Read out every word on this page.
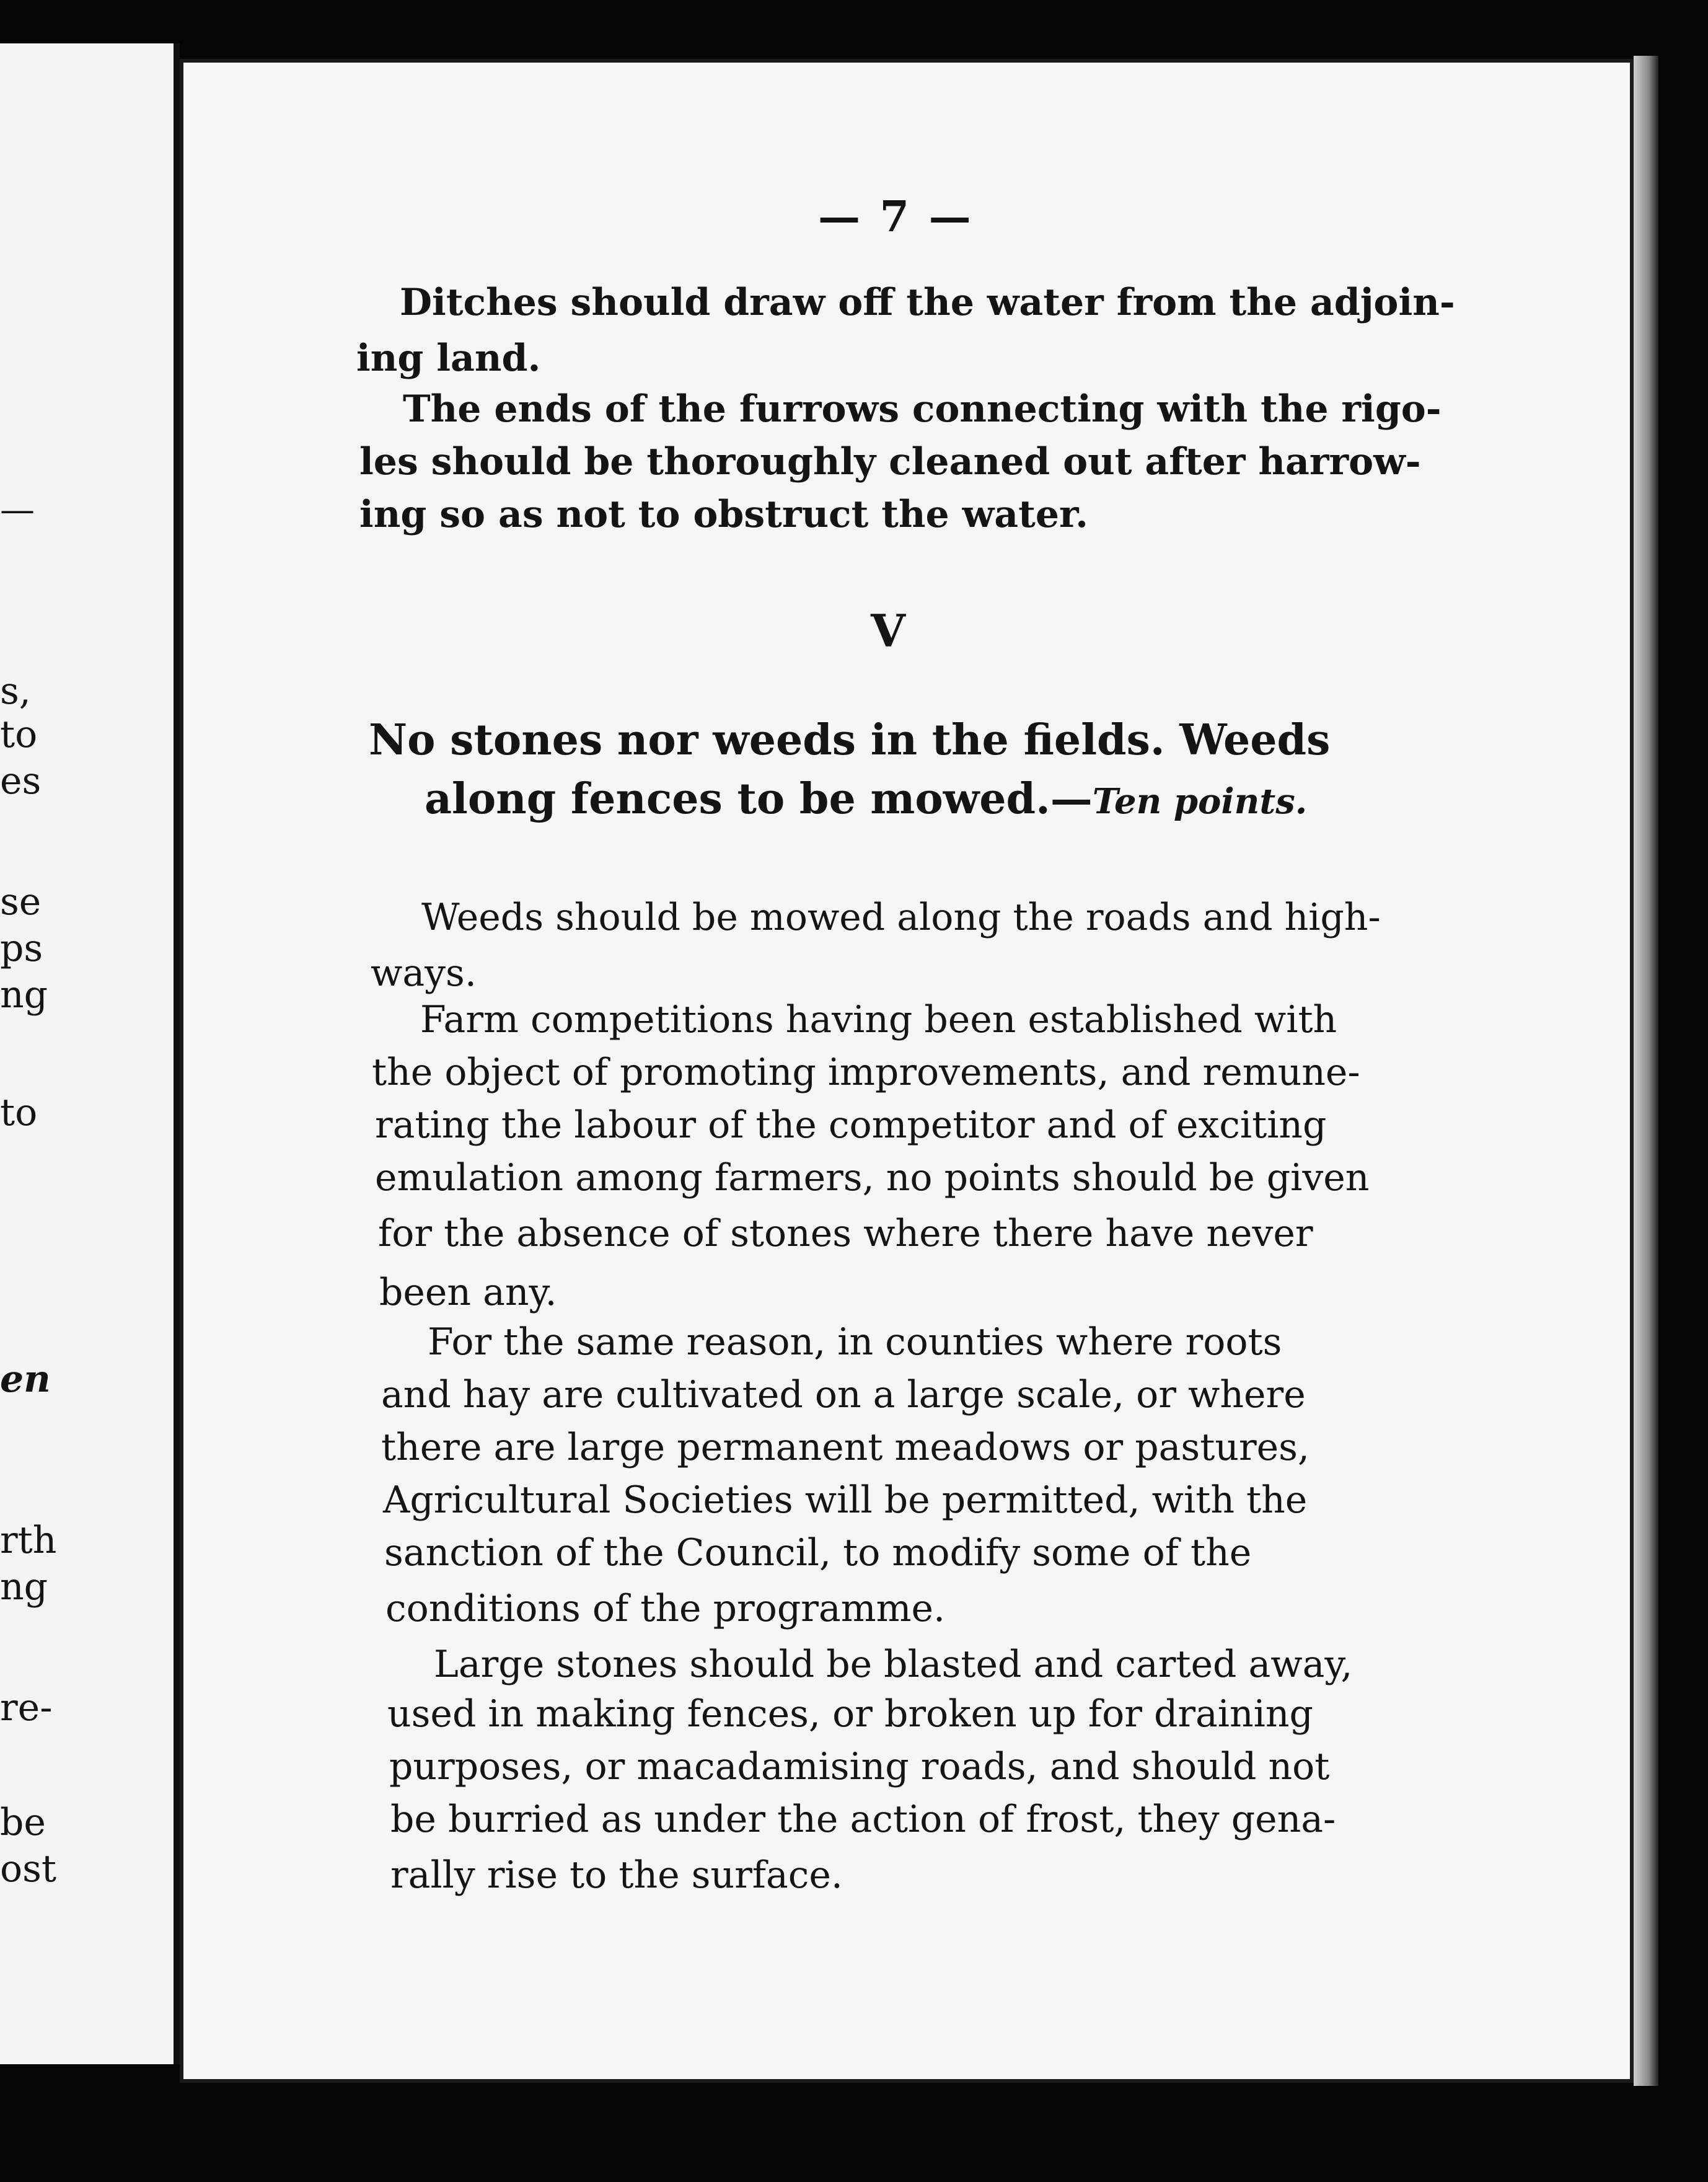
—
s,
to
es
se
ps
ng
to
en
rth
ng
re-
be
ost
— 7 —
Ditches should draw off the water from the adjoin-
ing land.
The ends of the furrows connecting with the rigo-
les should be thoroughly cleaned out after harrow-
ing so as not to obstruct the water.
V
No stones nor weeds in the fields. Weeds
along fences to be mowed.—Ten points.
Weeds should be mowed along the roads and high-
ways.
Farm competitions having been established with
the object of promoting improvements, and remune-
rating the labour of the competitor and of exciting
emulation among farmers, no points should be given
for the absence of stones where there have never
been any.
For the same reason, in counties where roots
and hay are cultivated on a large scale, or where
there are large permanent meadows or pastures,
Agricultural Societies will be permitted, with the
sanction of the Council, to modify some of the
conditions of the programme.
Large stones should be blasted and carted away,
used in making fences, or broken up for draining
purposes, or macadamising roads, and should not
be burried as under the action of frost, they gena-
rally rise to the surface.
